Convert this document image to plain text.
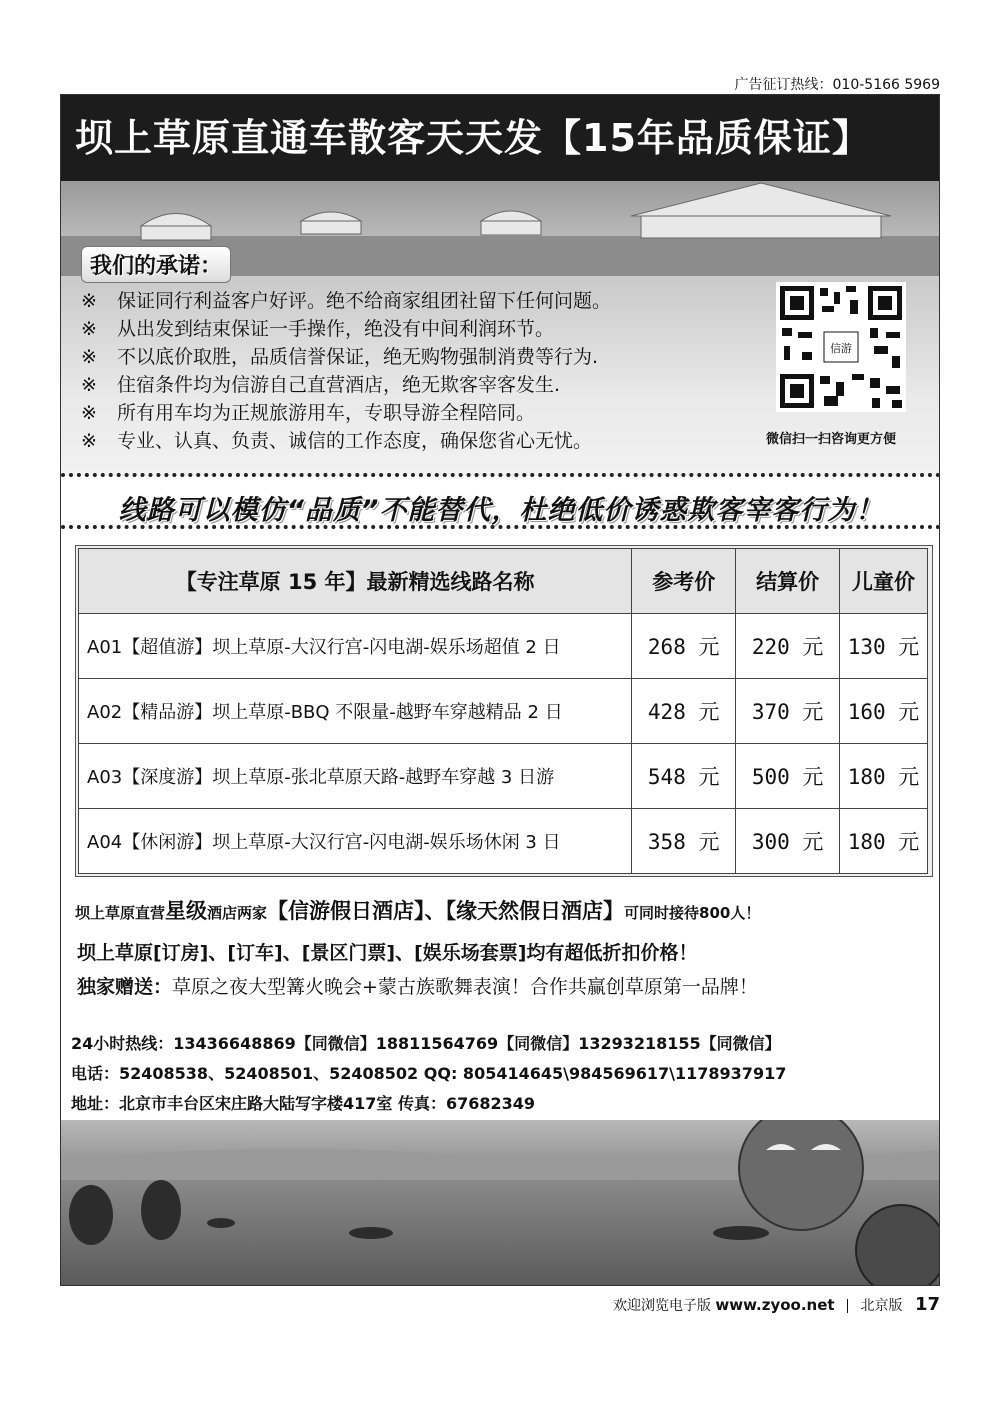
广告征订热线：010-5166 5969
坝上草原直通车散客天天发【15年品质保证】
我们的承诺：
※ 保证同行利益客户好评。绝不给商家组团社留下任何问题。
※ 从出发到结束保证一手操作，绝没有中间利润环节。
※ 不以底价取胜，品质信誉保证，绝无购物强制消费等行为.
※ 住宿条件均为信游自己直营酒店，绝无欺客宰客发生.
※ 所有用车均为正规旅游用车，专职导游全程陪同。
※ 专业、认真、负责、诚信的工作态度，确保您省心无忧。
信游
微信扫一扫咨询更方便
线路可以模仿“品质”不能替代，杜绝低价诱惑欺客宰客行为！
【专注草原 15 年】最新精选线路名称	参考价	结算价	儿童价
A01【超值游】坝上草原-大汉行宫-闪电湖-娱乐场超值 2 日	268 元	220 元	130 元
A02【精品游】坝上草原-BBQ 不限量-越野车穿越精品 2 日	428 元	370 元	160 元
A03【深度游】坝上草原-张北草原天路-越野车穿越 3 日游	548 元	500 元	180 元
A04【休闲游】坝上草原-大汉行宫-闪电湖-娱乐场休闲 3 日	358 元	300 元	180 元
坝上草原直营星级酒店两家【信游假日酒店】、【缘天然假日酒店】可同时接待800人！
坝上草原[订房]、[订车]、[景区门票]、[娱乐场套票]均有超低折扣价格！
独家赠送：草原之夜大型篝火晚会+蒙古族歌舞表演！合作共赢创草原第一品牌！
24小时热线：13436648869【同微信】18811564769【同微信】13293218155【同微信】
电话：52408538、52408501、52408502 QQ: 805414645\984569617\1178937917
地址：北京市丰台区宋庄路大陆写字楼417室 传真：67682349
欢迎浏览电子版 www.zyoo.net 北京版 17
